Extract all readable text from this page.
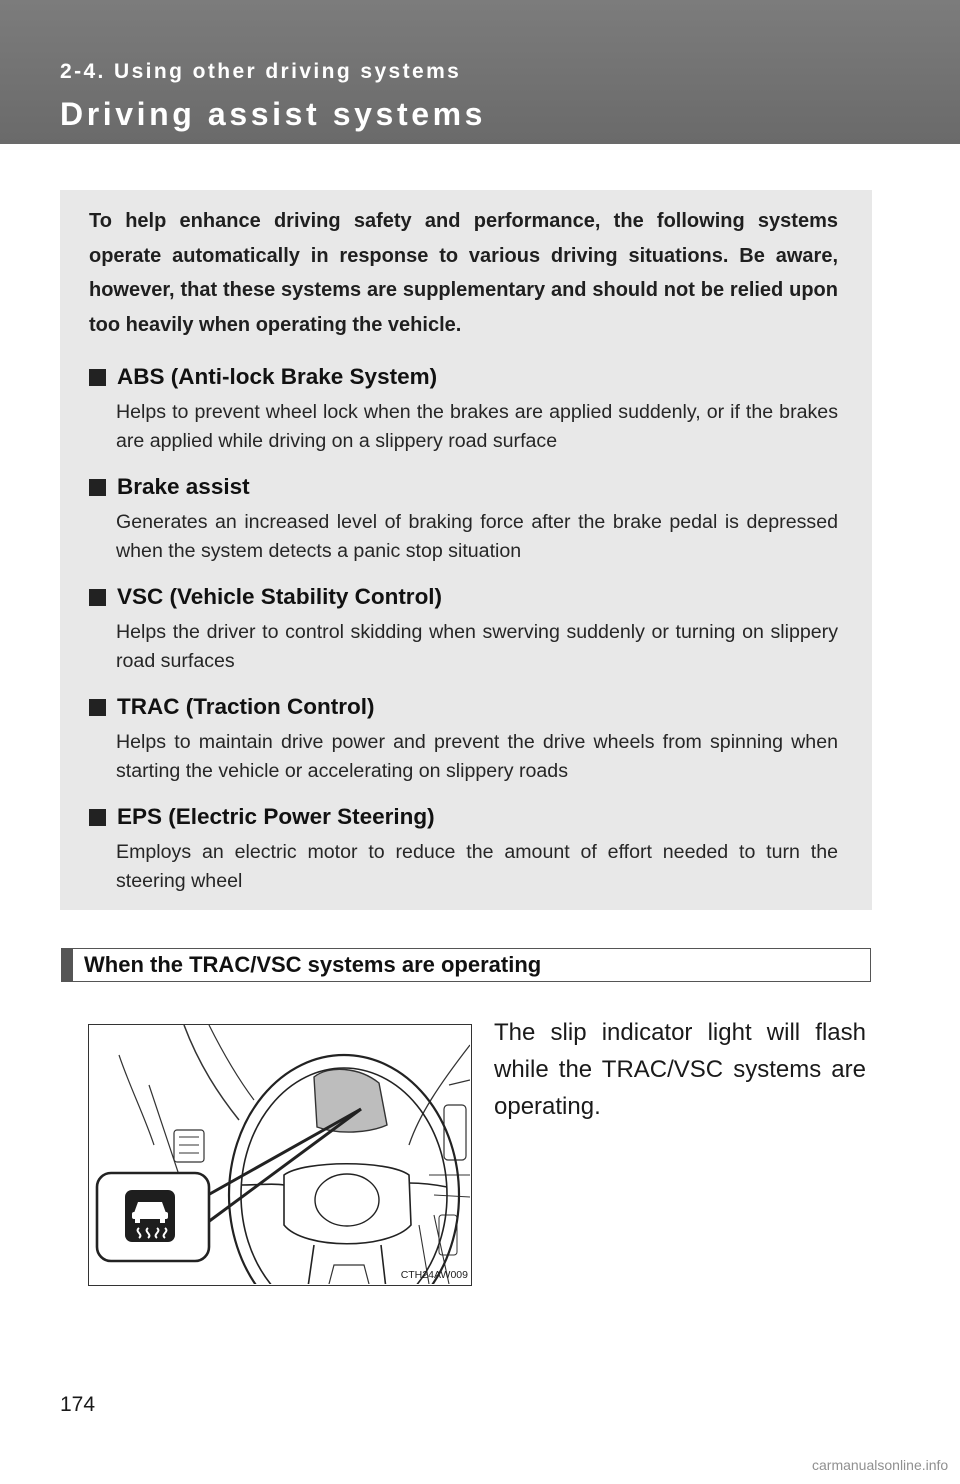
2-4. Using other driving systems
Driving assist systems

To help enhance driving safety and performance, the following systems operate automatically in response to various driving situations. Be aware, however, that these systems are supplementary and should not be relied upon too heavily when operating the vehicle.

ABS (Anti-lock Brake System)

Helps to prevent wheel lock when the brakes are applied suddenly, or if the brakes are applied while driving on a slippery road surface

Brake assist

Generates an increased level of braking force after the brake pedal is depressed when the system detects a panic stop situation

VSC (Vehicle Stability Control)

Helps the driver to control skidding when swerving suddenly or turning on slippery road surfaces

TRAC (Traction Control)

Helps to maintain drive power and prevent the drive wheels from spinning when starting the vehicle or accelerating on slippery roads

EPS (Electric Power Steering)

Employs an electric motor to reduce the amount of effort needed to turn the steering wheel

When the TRAC/VSC systems are operating
CTH24AW009
The slip indicator light will flash while the TRAC/VSC systems are operating.
174
carmanualsonline.info
